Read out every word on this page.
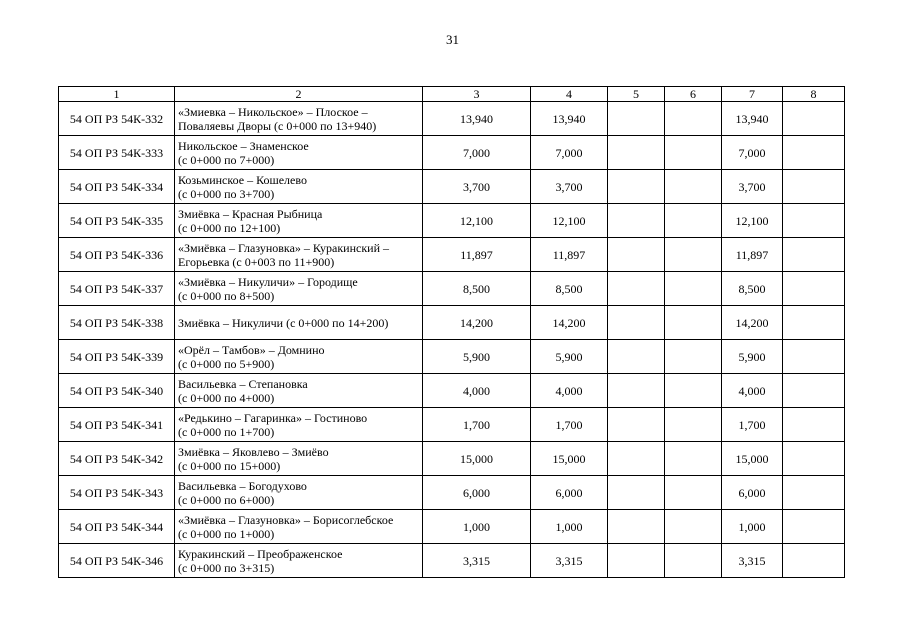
31
1	2	3	4	5	6	7	8
54 ОП РЗ 54К-332	«Змиевка – Никольское» – Плоское –
Поваляевы Дворы (с 0+000 по 13+940)	13,940	13,940			13,940	
54 ОП РЗ 54К-333	Никольское – Знаменское
(с 0+000 по 7+000)	7,000	7,000			7,000	
54 ОП РЗ 54К-334	Козьминское – Кошелево
(с 0+000 по 3+700)	3,700	3,700			3,700	
54 ОП РЗ 54К-335	Змиёвка – Красная Рыбница
(с 0+000 по 12+100)	12,100	12,100			12,100	
54 ОП РЗ 54К-336	«Змиёвка – Глазуновка» – Куракинский –
Егорьевка (с 0+003 по 11+900)	11,897	11,897			11,897	
54 ОП РЗ 54К-337	«Змиёвка – Никуличи» – Городище
(с 0+000 по 8+500)	8,500	8,500			8,500	
54 ОП РЗ 54К-338	Змиёвка – Никуличи (с 0+000 по 14+200)	14,200	14,200			14,200	
54 ОП РЗ 54К-339	«Орёл – Тамбов» – Домнино
(с 0+000 по 5+900)	5,900	5,900			5,900	
54 ОП РЗ 54К-340	Васильевка – Степановка
(с 0+000 по 4+000)	4,000	4,000			4,000	
54 ОП РЗ 54К-341	«Редькино – Гагаринка» – Гостиново
(с 0+000 по 1+700)	1,700	1,700			1,700	
54 ОП РЗ 54К-342	Змиёвка – Яковлево – Змиёво
(с 0+000 по 15+000)	15,000	15,000			15,000	
54 ОП РЗ 54К-343	Васильевка – Богодухово
(с 0+000 по 6+000)	6,000	6,000			6,000	
54 ОП РЗ 54К-344	«Змиёвка – Глазуновка» – Борисоглебское
(с 0+000 по 1+000)	1,000	1,000			1,000	
54 ОП РЗ 54К-346	Куракинский – Преображенское
(с 0+000 по 3+315)	3,315	3,315			3,315	
